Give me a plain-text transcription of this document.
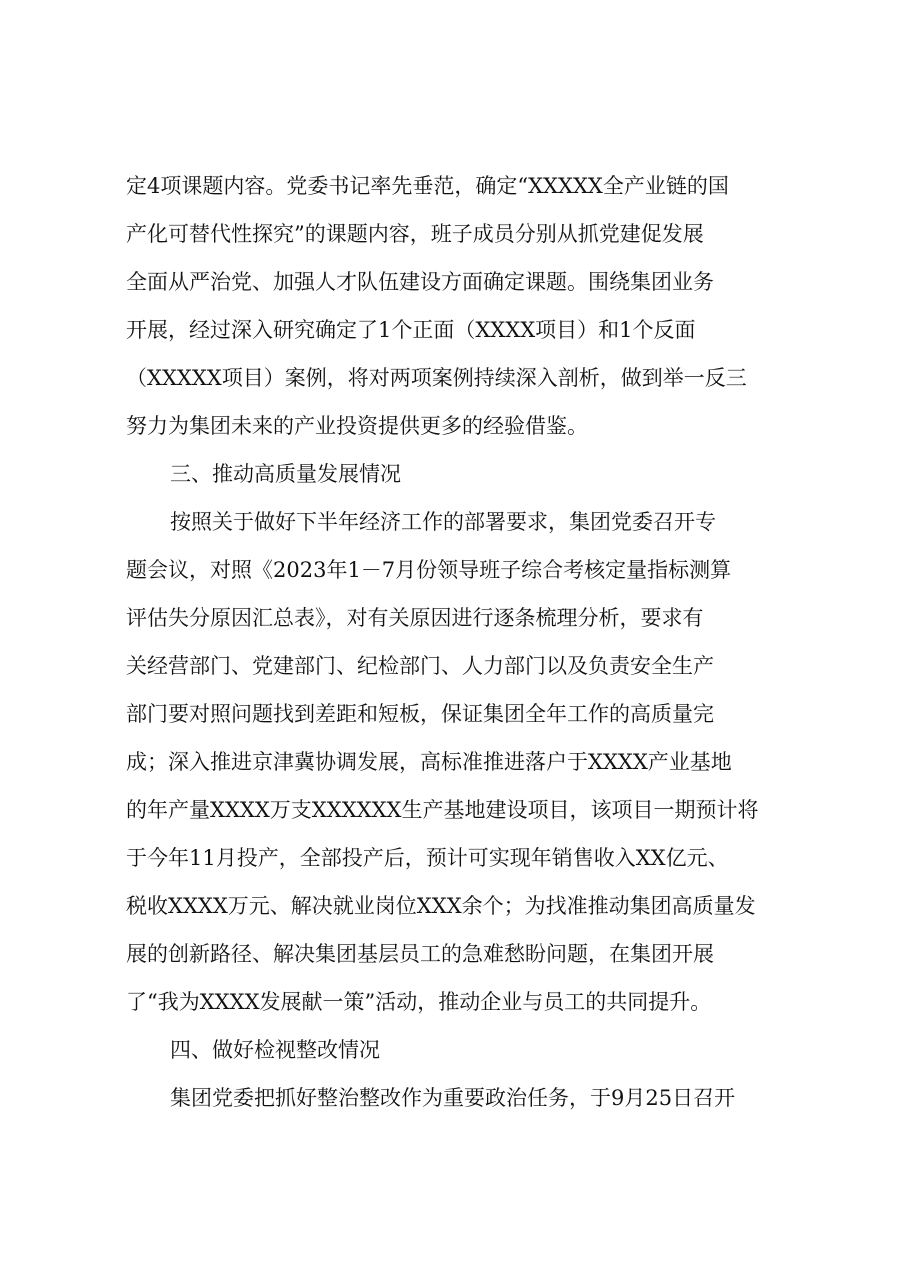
定4项课题内容。党委书记率先垂范，确定“XXXXX全产业链的国
产化可替代性探究”的课题内容，班子成员分别从抓党建促发展
全面从严治党、加强人才队伍建设方面确定课题。围绕集团业务
开展，经过深入研究确定了1个正面（XXXX项目）和1个反面
（XXXXX项目）案例，将对两项案例持续深入剖析，做到举一反三
努力为集团未来的产业投资提供更多的经验借鉴。
三、推动高质量发展情况
按照关于做好下半年经济工作的部署要求，集团党委召开专
题会议，对照《2023年1－7月份领导班子综合考核定量指标测算
评估失分原因汇总表》，对有关原因进行逐条梳理分析，要求有
关经营部门、党建部门、纪检部门、人力部门以及负责安全生产
部门要对照问题找到差距和短板，保证集团全年工作的高质量完
成；深入推进京津冀协调发展，高标准推进落户于XXXX产业基地
的年产量XXXX万支XXXXXX生产基地建设项目，该项目一期预计将
于今年11月投产，全部投产后，预计可实现年销售收入XX亿元、
税收XXXX万元、解决就业岗位XXX余个；为找准推动集团高质量发
展的创新路径、解决集团基层员工的急难愁盼问题，在集团开展
了“我为XXXX发展献一策”活动，推动企业与员工的共同提升。
四、做好检视整改情况
集团党委把抓好整治整改作为重要政治任务，于9月25日召开
